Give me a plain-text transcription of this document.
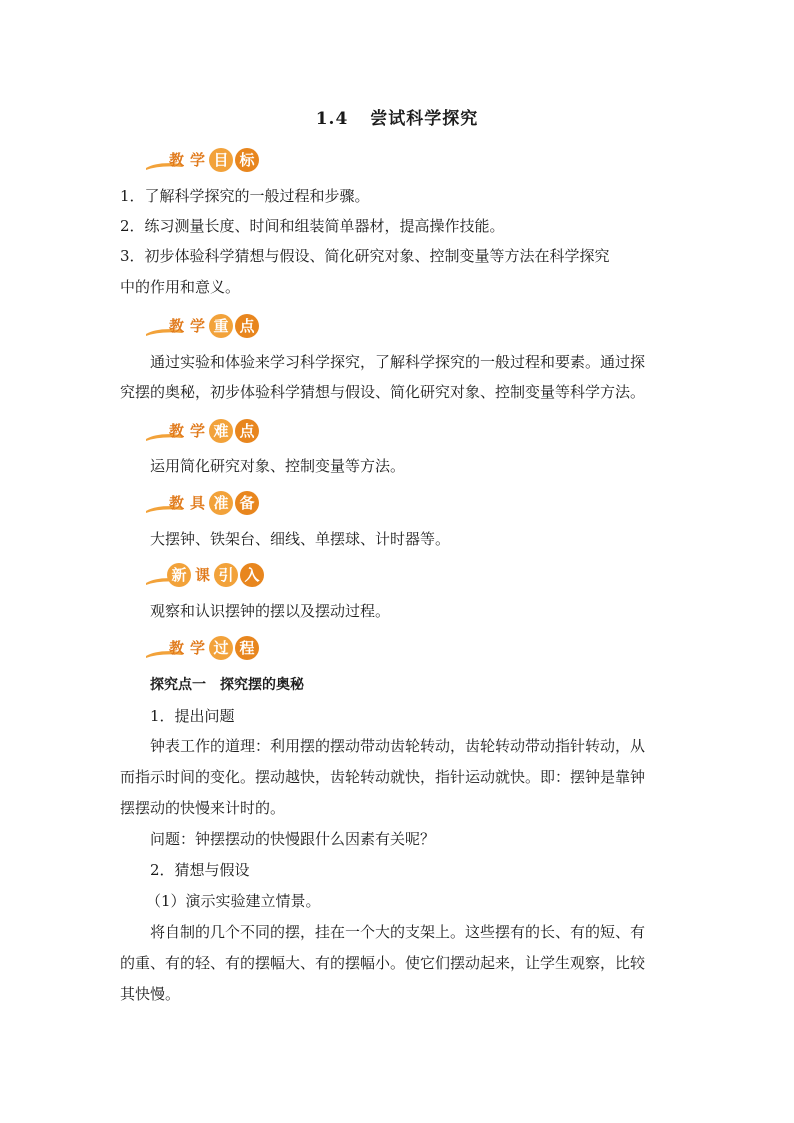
1.4 尝试科学探究
教 学 目 标
1．了解科学探究的一般过程和步骤。
2．练习测量长度、时间和组装简单器材，提高操作技能。
3．初步体验科学猜想与假设、简化研究对象、控制变量等方法在科学探究
中的作用和意义。
教 学 重 点
通过实验和体验来学习科学探究，了解科学探究的一般过程和要素。通过探
究摆的奥秘，初步体验科学猜想与假设、简化研究对象、控制变量等科学方法。
教 学 难 点
运用简化研究对象、控制变量等方法。
教 具 准 备
大摆钟、铁架台、细线、单摆球、计时器等。
新 课 引 入
观察和认识摆钟的摆以及摆动过程。
教 学 过 程
探究点一　探究摆的奥秘
1．提出问题
钟表工作的道理：利用摆的摆动带动齿轮转动，齿轮转动带动指针转动，从
而指示时间的变化。摆动越快，齿轮转动就快，指针运动就快。即：摆钟是靠钟
摆摆动的快慢来计时的。
问题：钟摆摆动的快慢跟什么因素有关呢？
2．猜想与假设
（1）演示实验建立情景。
将自制的几个不同的摆，挂在一个大的支架上。这些摆有的长、有的短、有
的重、有的轻、有的摆幅大、有的摆幅小。使它们摆动起来，让学生观察，比较
其快慢。
